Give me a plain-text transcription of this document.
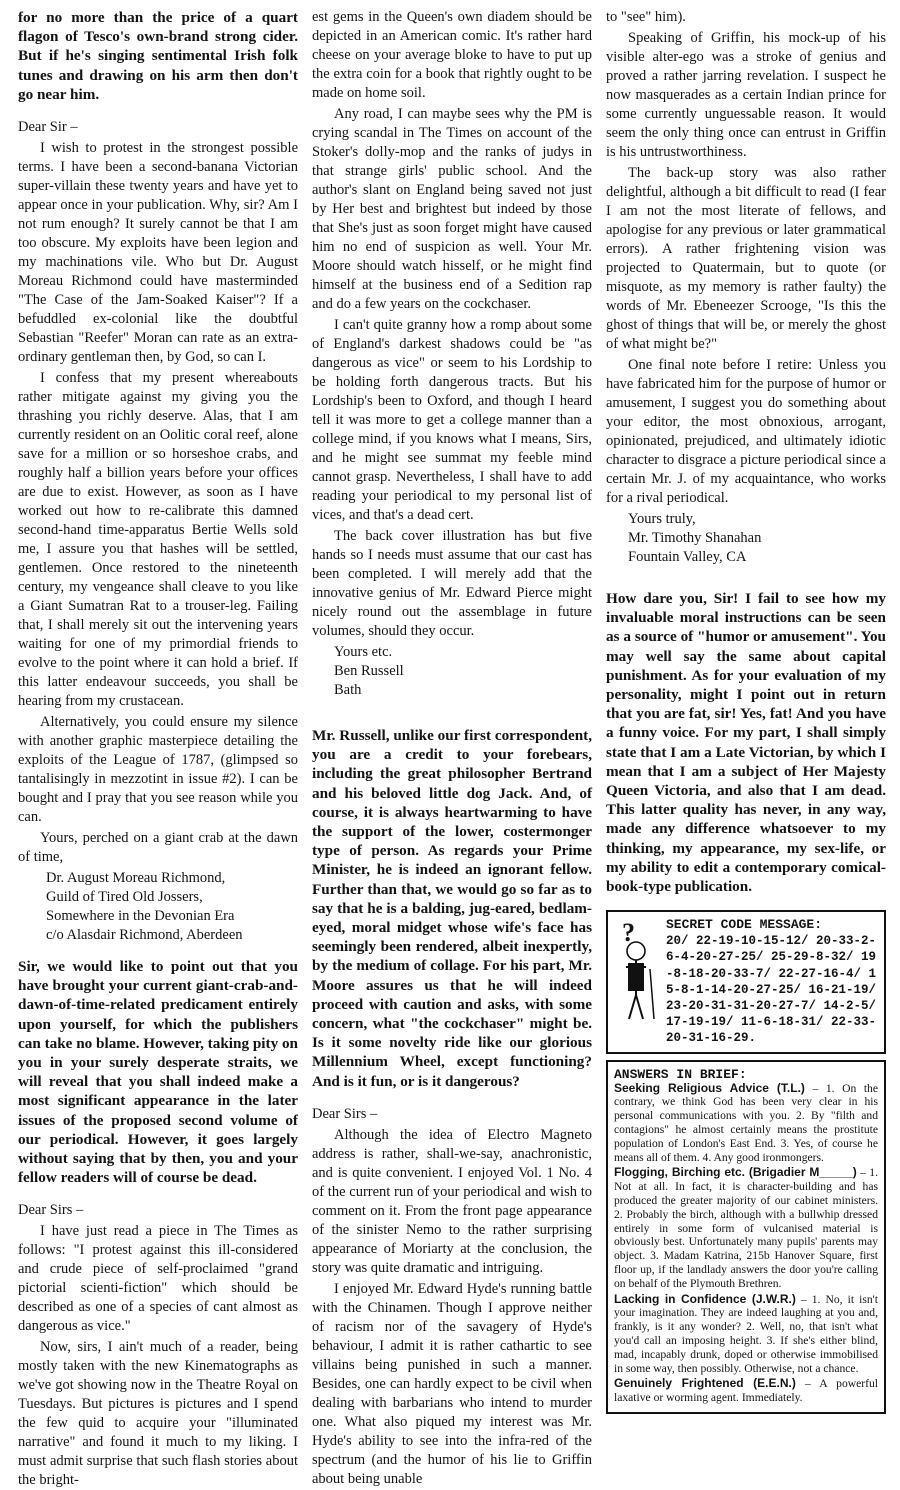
for no more than the price of a quart flagon of Tesco's own-brand strong cider. But if he's singing sentimental Irish folk tunes and drawing on his arm then don't go near him.

Dear Sir –

I wish to protest in the strongest possible terms. I have been a second-banana Victorian super-villain these twenty years and have yet to appear once in your publication. Why, sir? Am I not rum enough? It surely cannot be that I am too obscure. My exploits have been legion and my machinations vile. Who but Dr. August Moreau Richmond could have masterminded "The Case of the Jam-Soaked Kaiser"? If a befuddled ex-colonial like the doubtful Sebastian "Reefer" Moran can rate as an extra-ordinary gentleman then, by God, so can I.

I confess that my present whereabouts rather mitigate against my giving you the thrashing you richly deserve. Alas, that I am currently resident on an Oolitic coral reef, alone save for a million or so horseshoe crabs, and roughly half a billion years before your offices are due to exist. However, as soon as I have worked out how to re-calibrate this damned second-hand time-apparatus Bertie Wells sold me, I assure you that hashes will be settled, gentlemen. Once restored to the nineteenth century, my vengeance shall cleave to you like a Giant Sumatran Rat to a trouser-leg. Failing that, I shall merely sit out the intervening years waiting for one of my primordial friends to evolve to the point where it can hold a brief. If this latter endeavour succeeds, you shall be hearing from my crustacean.

Alternatively, you could ensure my silence with another graphic masterpiece detailing the exploits of the League of 1787, (glimpsed so tantalisingly in mezzotint in issue #2). I can be bought and I pray that you see reason while you can.

Yours, perched on a giant crab at the dawn of time,

Dr. August Moreau Richmond,

Guild of Tired Old Jossers,

Somewhere in the Devonian Era

c/o Alasdair Richmond, Aberdeen

Sir, we would like to point out that you have brought your current giant-crab-and-dawn-of-time-related predicament entirely upon yourself, for which the publishers can take no blame. However, taking pity on you in your surely desperate straits, we will reveal that you shall indeed make a most significant appearance in the later issues of the proposed second volume of our periodical. However, it goes largely without saying that by then, you and your fellow readers will of course be dead.

Dear Sirs –

I have just read a piece in The Times as follows: "I protest against this ill-considered and crude piece of self-proclaimed "grand pictorial scienti-fiction" which should be described as one of a species of cant almost as dangerous as vice."

Now, sirs, I ain't much of a reader, being mostly taken with the new Kinematographs as we've got showing now in the Theatre Royal on Tuesdays. But pictures is pictures and I spend the few quid to acquire your "illuminated narrative" and found it much to my liking. I must admit surprise that such flash stories about the bright-

est gems in the Queen's own diadem should be depicted in an American comic. It's rather hard cheese on your average bloke to have to put up the extra coin for a book that rightly ought to be made on home soil.

Any road, I can maybe sees why the PM is crying scandal in The Times on account of the Stoker's dolly-mop and the ranks of judys in that strange girls' public school. And the author's slant on England being saved not just by Her best and brightest but indeed by those that She's just as soon forget might have caused him no end of suspicion as well. Your Mr. Moore should watch hisself, or he might find himself at the business end of a Sedition rap and do a few years on the cockchaser.

I can't quite granny how a romp about some of England's darkest shadows could be "as dangerous as vice" or seem to his Lordship to be holding forth dangerous tracts. But his Lordship's been to Oxford, and though I heard tell it was more to get a college manner than a college mind, if you knows what I means, Sirs, and he might see summat my feeble mind cannot grasp. Nevertheless, I shall have to add reading your periodical to my personal list of vices, and that's a dead cert.

The back cover illustration has but five hands so I needs must assume that our cast has been completed. I will merely add that the innovative genius of Mr. Edward Pierce might nicely round out the assemblage in future volumes, should they occur.

Yours etc.

Ben Russell

Bath

Mr. Russell, unlike our first correspondent, you are a credit to your forebears, including the great philosopher Bertrand and his beloved little dog Jack. And, of course, it is always heartwarming to have the support of the lower, costermonger type of person. As regards your Prime Minister, he is indeed an ignorant fellow. Further than that, we would go so far as to say that he is a balding, jug-eared, bedlam-eyed, moral midget whose wife's face has seemingly been rendered, albeit inexpertly, by the medium of collage. For his part, Mr. Moore assures us that he will indeed proceed with caution and asks, with some concern, what "the cockchaser" might be. Is it some novelty ride like our glorious Millennium Wheel, except functioning? And is it fun, or is it dangerous?

Dear Sirs –

Although the idea of Electro Magneto address is rather, shall-we-say, anachronistic, and is quite convenient. I enjoyed Vol. 1 No. 4 of the current run of your periodical and wish to comment on it. From the front page appearance of the sinister Nemo to the rather surprising appearance of Moriarty at the conclusion, the story was quite dramatic and intriguing.

I enjoyed Mr. Edward Hyde's running battle with the Chinamen. Though I approve neither of racism nor of the savagery of Hyde's behaviour, I admit it is rather cathartic to see villains being punished in such a manner. Besides, one can hardly expect to be civil when dealing with barbarians who intend to murder one. What also piqued my interest was Mr. Hyde's ability to see into the infra-red of the spectrum (and the humor of his lie to Griffin about being unable

to "see" him).

Speaking of Griffin, his mock-up of his visible alter-ego was a stroke of genius and proved a rather jarring revelation. I suspect he now masquerades as a certain Indian prince for some currently unguessable reason. It would seem the only thing once can entrust in Griffin is his untrustworthiness.

The back-up story was also rather delightful, although a bit difficult to read (I fear I am not the most literate of fellows, and apologise for any previous or later grammatical errors). A rather frightening vision was projected to Quatermain, but to quote (or misquote, as my memory is rather faulty) the words of Mr. Ebeneezer Scrooge, "Is this the ghost of things that will be, or merely the ghost of what might be?"

One final note before I retire: Unless you have fabricated him for the purpose of humor or amusement, I suggest you do something about your editor, the most obnoxious, arrogant, opinionated, prejudiced, and ultimately idiotic character to disgrace a picture periodical since a certain Mr. J. of my acquaintance, who works for a rival periodical.

Yours truly,

Mr. Timothy Shanahan

Fountain Valley, CA

How dare you, Sir! I fail to see how my invaluable moral instructions can be seen as a source of "humor or amusement". You may well say the same about capital punishment. As for your evaluation of my personality, might I point out in return that you are fat, sir! Yes, fat! And you have a funny voice. For my part, I shall simply state that I am a Late Victorian, by which I mean that I am a subject of Her Majesty Queen Victoria, and also that I am dead. This latter quality has never, in any way, made any difference whatsoever to my thinking, my appearance, my sex-life, or my ability to edit a contemporary comical-book-type publication.

? SECRET CODE MESSAGE:
20/ 22-19-10-15-12/ 20-33-2-6-4-20-27-25/ 25-29-8-32/ 19-8-18-20-33-7/ 22-27-16-4/ 15-8-1-14-20-27-25/ 16-21-19/ 23-20-31-31-20-27-7/ 14-2-5/ 17-19-19/ 11-6-18-31/ 22-33-20-31-16-29.
ANSWERS IN BRIEF:

Seeking Religious Advice (T.L.) – 1. On the contrary, we think God has been very clear in his personal communications with you. 2. By "filth and contagions" he almost certainly means the prostitute population of London's East End. 3. Yes, of course he means all of them. 4. Any good ironmongers.

Flogging, Birching etc. (Brigadier M_____) – 1. Not at all. In fact, it is character-building and has produced the greater majority of our cabinet ministers. 2. Probably the birch, although with a bullwhip dressed entirely in some form of vulcanised material is obviously best. Unfortunately many pupils' parents may object. 3. Madam Katrina, 215b Hanover Square, first floor up, if the landlady answers the door you're calling on behalf of the Plymouth Brethren.

Lacking in Confidence (J.W.R.) – 1. No, it isn't your imagination. They are indeed laughing at you and, frankly, is it any wonder? 2. Well, no, that isn't what you'd call an imposing height. 3. If she's either blind, mad, incapably drunk, doped or otherwise immobilised in some way, then possibly. Otherwise, not a chance.

Genuinely Frightened (E.E.N.) – A powerful laxative or worming agent. Immediately.
